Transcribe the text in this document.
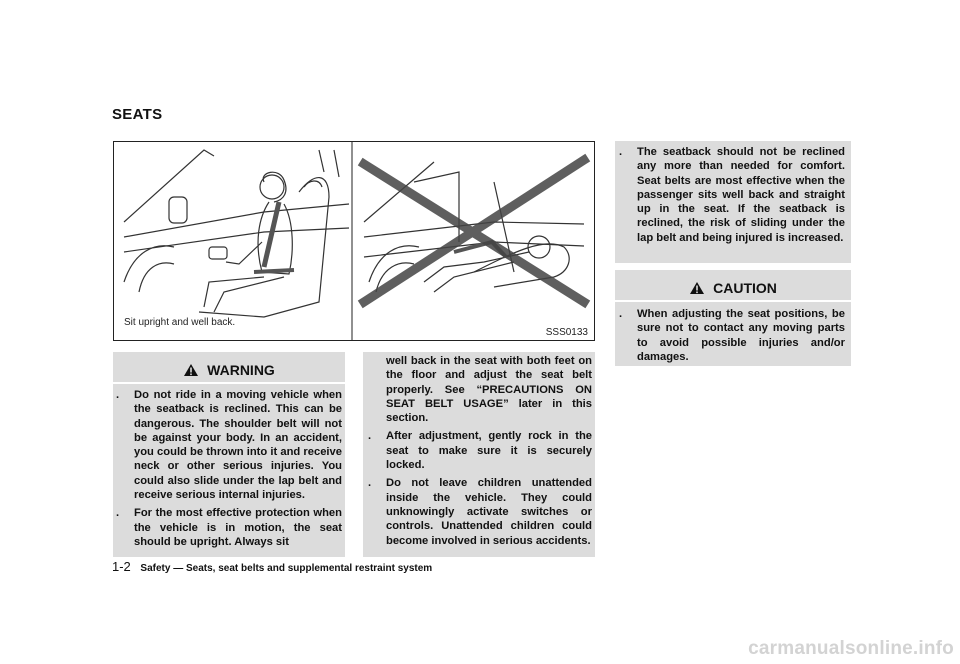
SEATS
Sit upright and well back.
SSS0133
WARNING
. Do not ride in a moving vehicle when the seatback is reclined. This can be dangerous. The shoulder belt will not be against your body. In an accident, you could be thrown into it and receive neck or other serious injuries. You could also slide under the lap belt and receive serious internal injuries.
. For the most effective protection when the vehicle is in motion, the seat should be upright. Always sit
well back in the seat with both feet on the floor and adjust the seat belt properly. See “PRECAUTIONS ON SEAT BELT USAGE” later in this section.
. After adjustment, gently rock in the seat to make sure it is securely locked.
. Do not leave children unattended inside the vehicle. They could unknowingly activate switches or controls. Unattended children could become involved in serious accidents.
. The seatback should not be reclined any more than needed for comfort. Seat belts are most effective when the passenger sits well back and straight up in the seat. If the seatback is reclined, the risk of sliding under the lap belt and being injured is increased.
CAUTION
. When adjusting the seat positions, be sure not to contact any moving parts to avoid possible injuries and/or damages.
1-2 Safety — Seats, seat belts and supplemental restraint system
carmanualsonline.info
